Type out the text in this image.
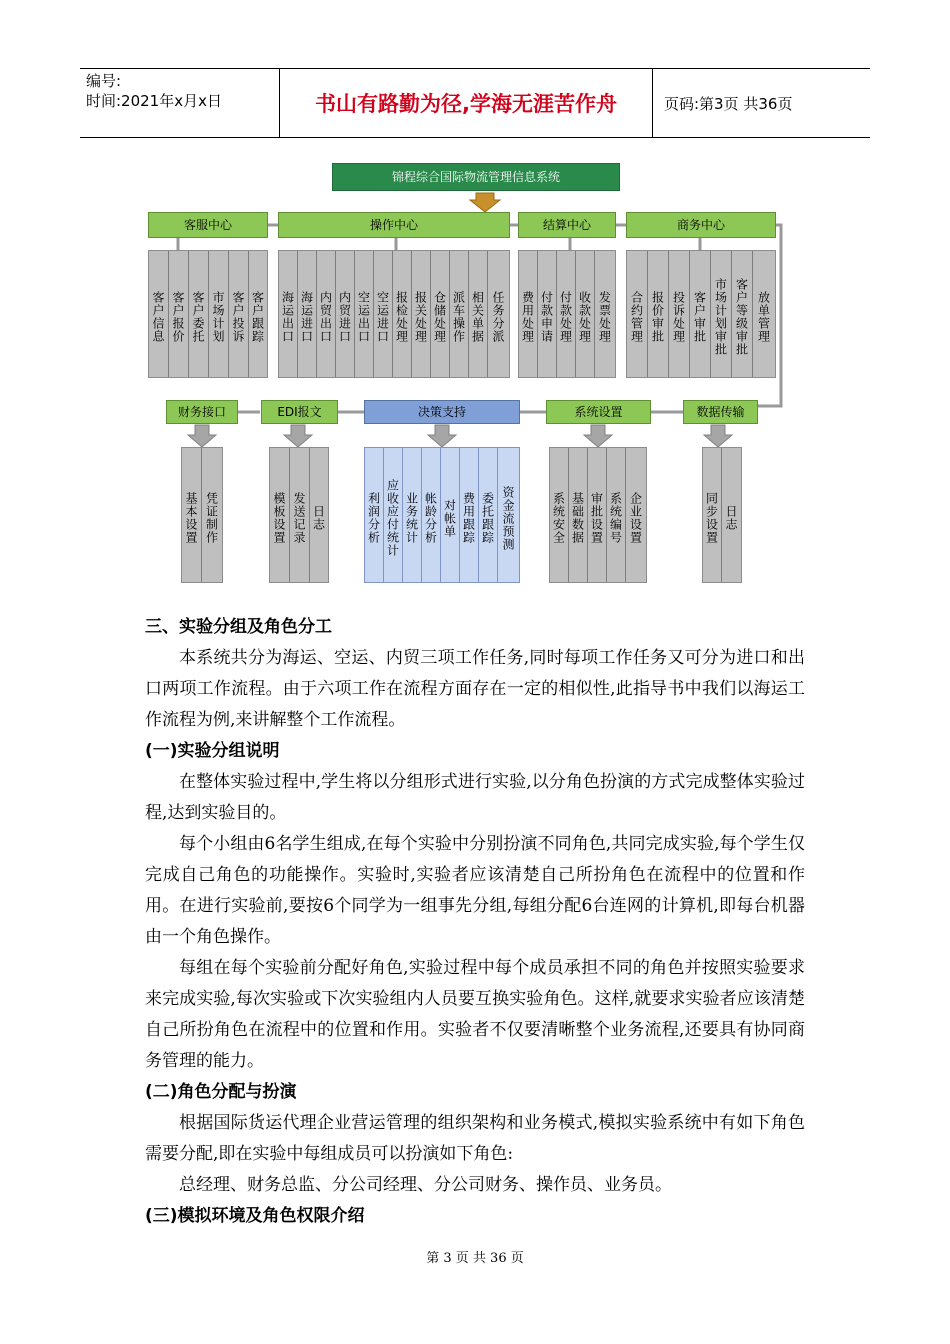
编号:
时间:2021年x月x日	书山有路勤为径,学海无涯苦作舟	页码:第3页 共36页
锦程综合国际物流管理信息系统
客服中心	操作中心	结算中心	商务中心
客户信息 客户报价 客户委托 市场计划 客户投诉 客户跟踪 海运出口 海运进口 内贸出口 内贸进口 空运出口 空运进口 报检处理 报关处理 仓储处理 派车操作 相关单据 任务分派 费用处理 付款申请 付款处理 收款处理 发票处理 合约管理 报价审批 投诉处理 客户审批 市场计划审批 客户等级审批 放单管理
财务接口	EDI报文	决策支持	系统设置	数据传输
基本设置 凭证制作	模板设置 发送记录 日志	利润分析 应收应付统计 业务统计 帐龄分析 对帐单 费用跟踪 委托跟踪 资金流预测	系统安全 基础数据 审批设置 系统编号 企业设置	同步设置 日志
三、实验分组及角色分工
本系统共分为海运、空运、内贸三项工作任务,同时每项工作任务又可分为进口和出口两项工作流程。由于六项工作在流程方面存在一定的相似性,此指导书中我们以海运工作流程为例,来讲解整个工作流程。
(一)实验分组说明
在整体实验过程中,学生将以分组形式进行实验,以分角色扮演的方式完成整体实验过程,达到实验目的。
每个小组由6名学生组成,在每个实验中分别扮演不同角色,共同完成实验,每个学生仅完成自己角色的功能操作。实验时,实验者应该清楚自己所扮角色在流程中的位置和作用。在进行实验前,要按6个同学为一组事先分组,每组分配6台连网的计算机,即每台机器由一个角色操作。
每组在每个实验前分配好角色,实验过程中每个成员承担不同的角色并按照实验要求来完成实验,每次实验或下次实验组内人员要互换实验角色。这样,就要求实验者应该清楚自己所扮角色在流程中的位置和作用。实验者不仅要清晰整个业务流程,还要具有协同商务管理的能力。
(二)角色分配与扮演
根据国际货运代理企业营运管理的组织架构和业务模式,模拟实验系统中有如下角色需要分配,即在实验中每组成员可以扮演如下角色:
总经理、财务总监、分公司经理、分公司财务、操作员、业务员。
(三)模拟环境及角色权限介绍
第 3 页 共 36 页
